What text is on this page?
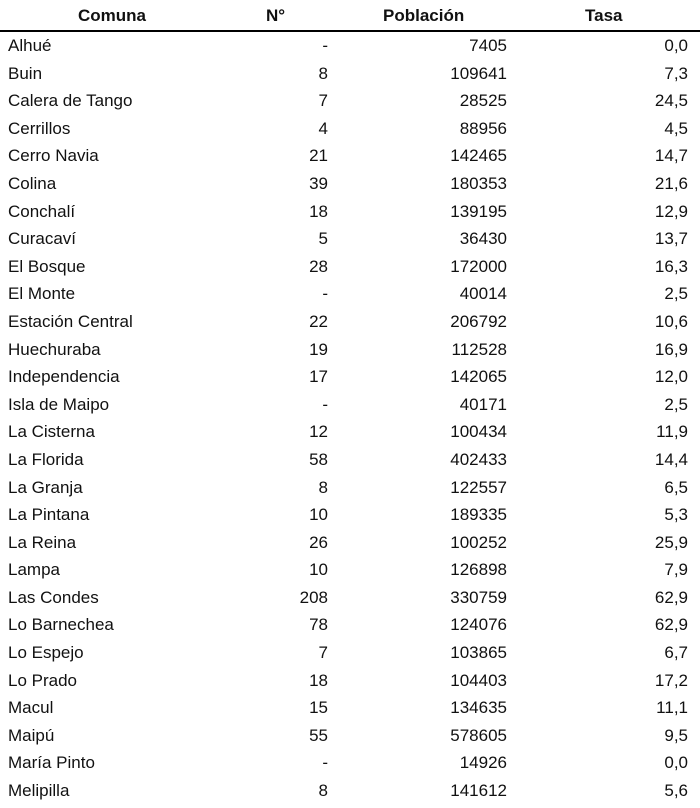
Comuna	N°	Población	Tasa
Alhué	-	7405	0,0
Buin	8	109641	7,3
Calera de Tango	7	28525	24,5
Cerrillos	4	88956	4,5
Cerro Navia	21	142465	14,7
Colina	39	180353	21,6
Conchalí	18	139195	12,9
Curacaví	5	36430	13,7
El Bosque	28	172000	16,3
El Monte	-	40014	2,5
Estación Central	22	206792	10,6
Huechuraba	19	112528	16,9
Independencia	17	142065	12,0
Isla de Maipo	-	40171	2,5
La Cisterna	12	100434	11,9
La Florida	58	402433	14,4
La Granja	8	122557	6,5
La Pintana	10	189335	5,3
La Reina	26	100252	25,9
Lampa	10	126898	7,9
Las Condes	208	330759	62,9
Lo Barnechea	78	124076	62,9
Lo Espejo	7	103865	6,7
Lo Prado	18	104403	17,2
Macul	15	134635	11,1
Maipú	55	578605	9,5
María Pinto	-	14926	0,0
Melipilla	8	141612	5,6
